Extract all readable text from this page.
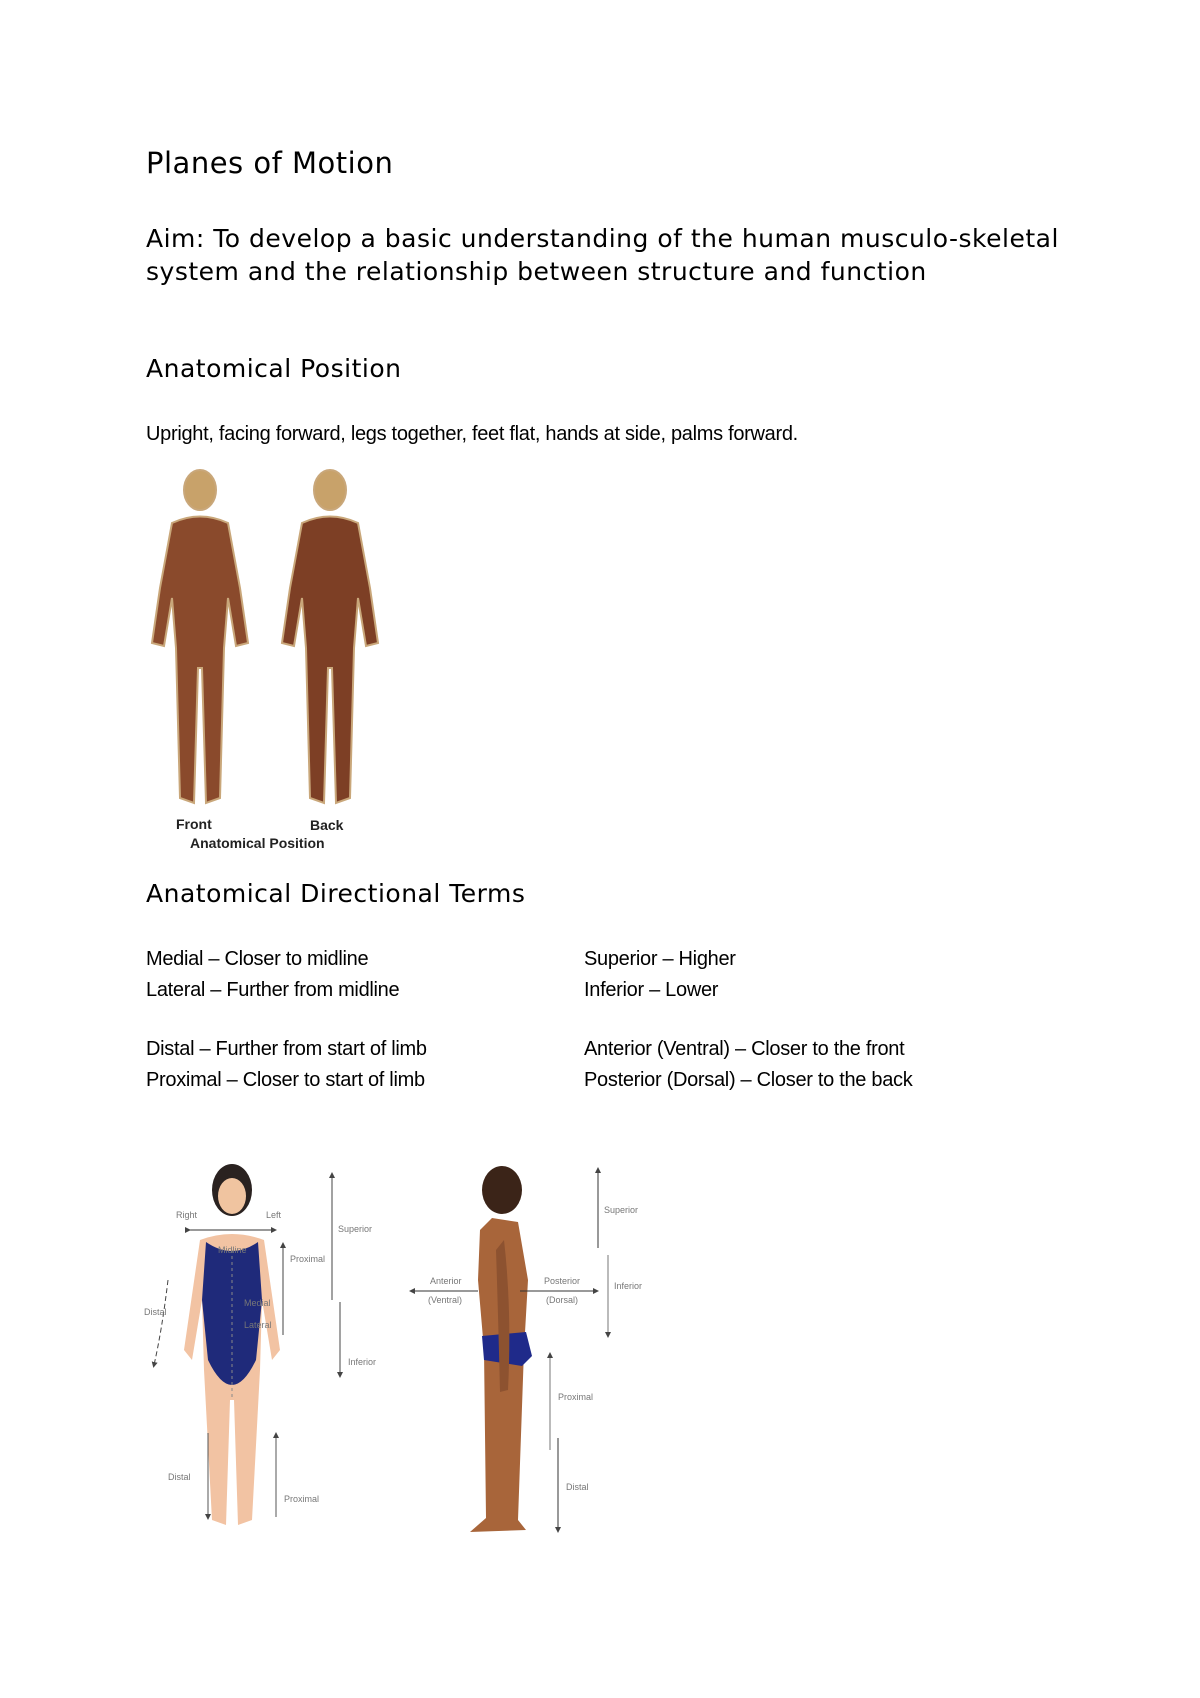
Planes of Motion

Aim: To develop a basic understanding of the human musculo-skeletal system and the relationship between structure and function

Anatomical Position
Upright, facing forward, legs together, feet flat, hands at side, palms forward.
Front	Back
Anatomical Position
Anatomical Directional Terms
Medial – Closer to midline
Lateral – Further from midline
Distal – Further from start of limb
Proximal – Closer to start of limb
Superior – Higher
Inferior – Lower
Anterior (Ventral) – Closer to the front
Posterior (Dorsal) – Closer to the back
Right	Left
Midline
Medial
Lateral
Proximal
Distal
Superior
Inferior
Distal
Proximal
Anterior
(Ventral)
Posterior
(Dorsal)
Superior
Inferior
Proximal
Distal
